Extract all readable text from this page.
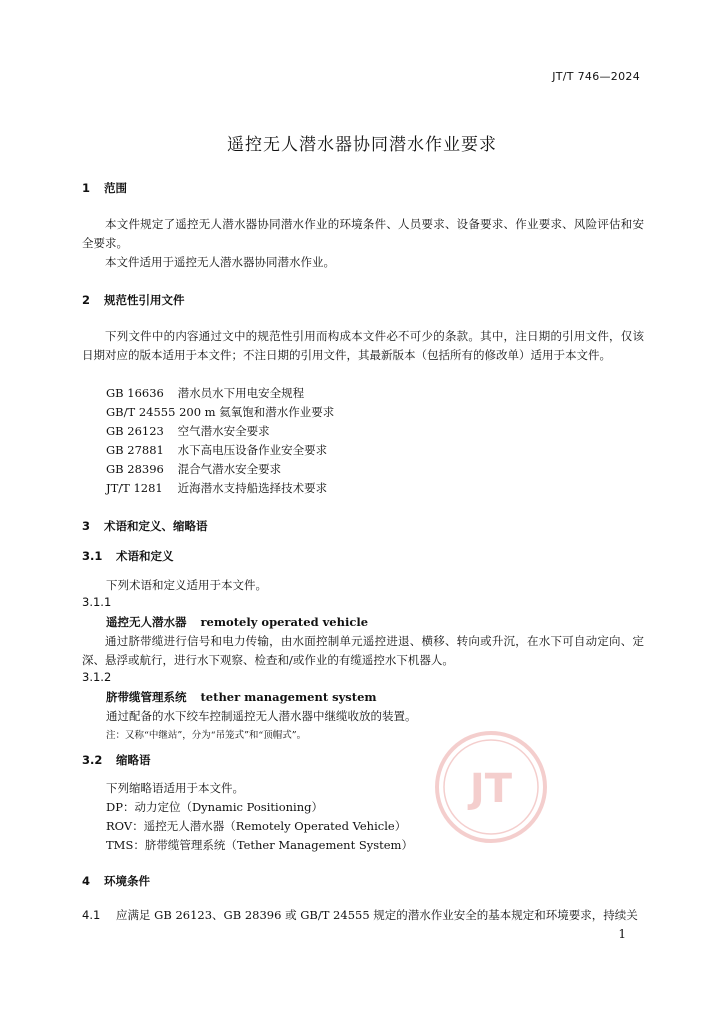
JT/T 746—2024
遥控无人潜水器协同潜水作业要求
1 范围
本文件规定了遥控无人潜水器协同潜水作业的环境条件、人员要求、设备要求、作业要求、风险评估和安全要求。
本文件适用于遥控无人潜水器协同潜水作业。
2 规范性引用文件
下列文件中的内容通过文中的规范性引用而构成本文件必不可少的条款。其中，注日期的引用文件，仅该日期对应的版本适用于本文件；不注日期的引用文件，其最新版本（包括所有的修改单）适用于本文件。
GB 16636 潜水员水下用电安全规程
GB/T 24555 200 m 氦氧饱和潜水作业要求
GB 26123 空气潜水安全要求
GB 27881 水下高电压设备作业安全要求
GB 28396 混合气潜水安全要求
JT/T 1281 近海潜水支持船选择技术要求
3 术语和定义、缩略语
3.1 术语和定义
下列术语和定义适用于本文件。
3.1.1
遥控无人潜水器 remotely operated vehicle
通过脐带缆进行信号和电力传输，由水面控制单元遥控进退、横移、转向或升沉，在水下可自动定向、定深、悬浮或航行，进行水下观察、检查和/或作业的有缆遥控水下机器人。
3.1.2
脐带缆管理系统 tether management system
通过配备的水下绞车控制遥控无人潜水器中继缆收放的装置。
注：又称“中继站”，分为“吊笼式”和“顶帽式”。
3.2 缩略语
下列缩略语适用于本文件。
DP：动力定位（Dynamic Positioning）
ROV：遥控无人潜水器（Remotely Operated Vehicle）
TMS：脐带缆管理系统（Tether Management System）
4 环境条件
4.1 应满足 GB 26123、GB 28396 或 GB/T 24555 规定的潜水作业安全的基本规定和环境要求，持续关
JT
1
